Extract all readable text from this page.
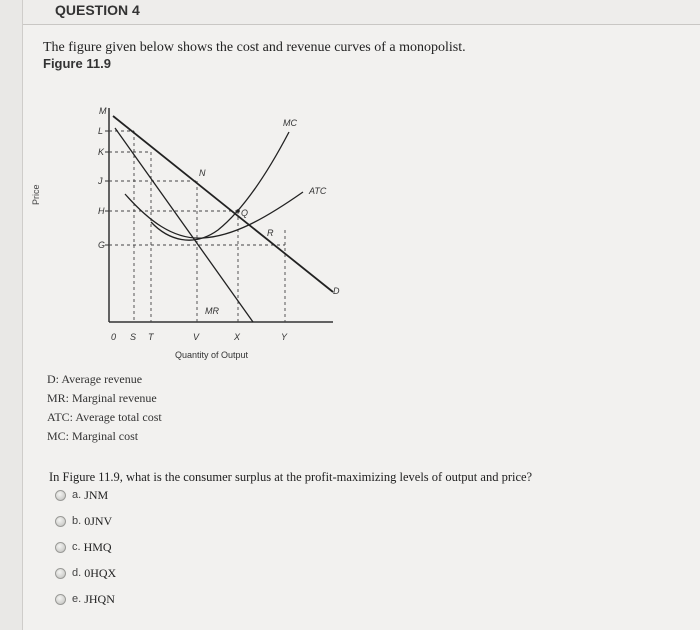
QUESTION 4
The figure given below shows the cost and revenue curves of a monopolist.
Figure 11.9
Price
M
L
K
J
H
G
0 S T	V	X	Y
MC
ATC
D
MR
N
Q
R
Quantity of Output
D: Average revenue
MR: Marginal revenue
ATC: Average total cost
MC: Marginal cost
In Figure 11.9, what is the consumer surplus at the profit-maximizing levels of output and price?
a. JNM
b. 0JNV
c. HMQ
d. 0HQX
e. JHQN
